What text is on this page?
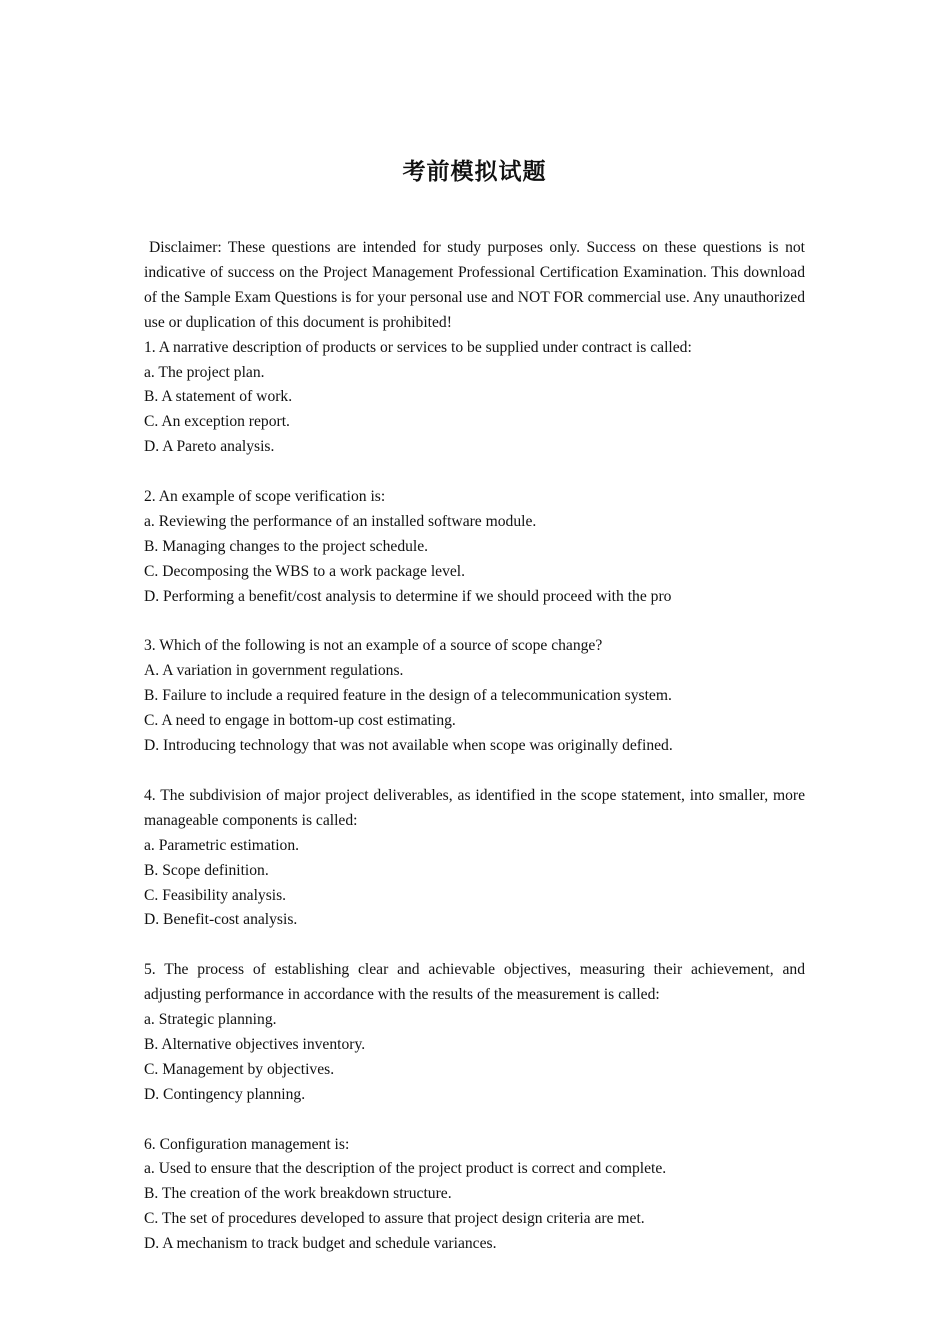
考前模拟试题

Disclaimer: These questions are intended for study purposes only. Success on these questions is not indicative of success on the Project Management Professional Certification Examination. This download of the Sample Exam Questions is for your personal use and NOT FOR commercial use. Any unauthorized use or duplication of this document is prohibited!

1. A narrative description of products or services to be supplied under contract is called:

a. The project plan.

B. A statement of work.

C. An exception report.

D. A Pareto analysis.

2. An example of scope verification is:

a. Reviewing the performance of an installed software module.

B. Managing changes to the project schedule.

C. Decomposing the WBS to a work package level.

D. Performing a benefit/cost analysis to determine if we should proceed with the pro

3. Which of the following is not an example of a source of scope change?

A. A variation in government regulations.

B. Failure to include a required feature in the design of a telecommunication system.

C. A need to engage in bottom-up cost estimating.

D. Introducing technology that was not available when scope was originally defined.

4. The subdivision of major project deliverables, as identified in the scope statement, into smaller, more manageable components is called:

a. Parametric estimation.

B. Scope definition.

C. Feasibility analysis.

D. Benefit-cost analysis.

5. The process of establishing clear and achievable objectives, measuring their achievement, and adjusting performance in accordance with the results of the measurement is called:

a. Strategic planning.

B. Alternative objectives inventory.

C. Management by objectives.

D. Contingency planning.

6. Configuration management is:

a. Used to ensure that the description of the project product is correct and complete.

B. The creation of the work breakdown structure.

C. The set of procedures developed to assure that project design criteria are met.

D. A mechanism to track budget and schedule variances.
